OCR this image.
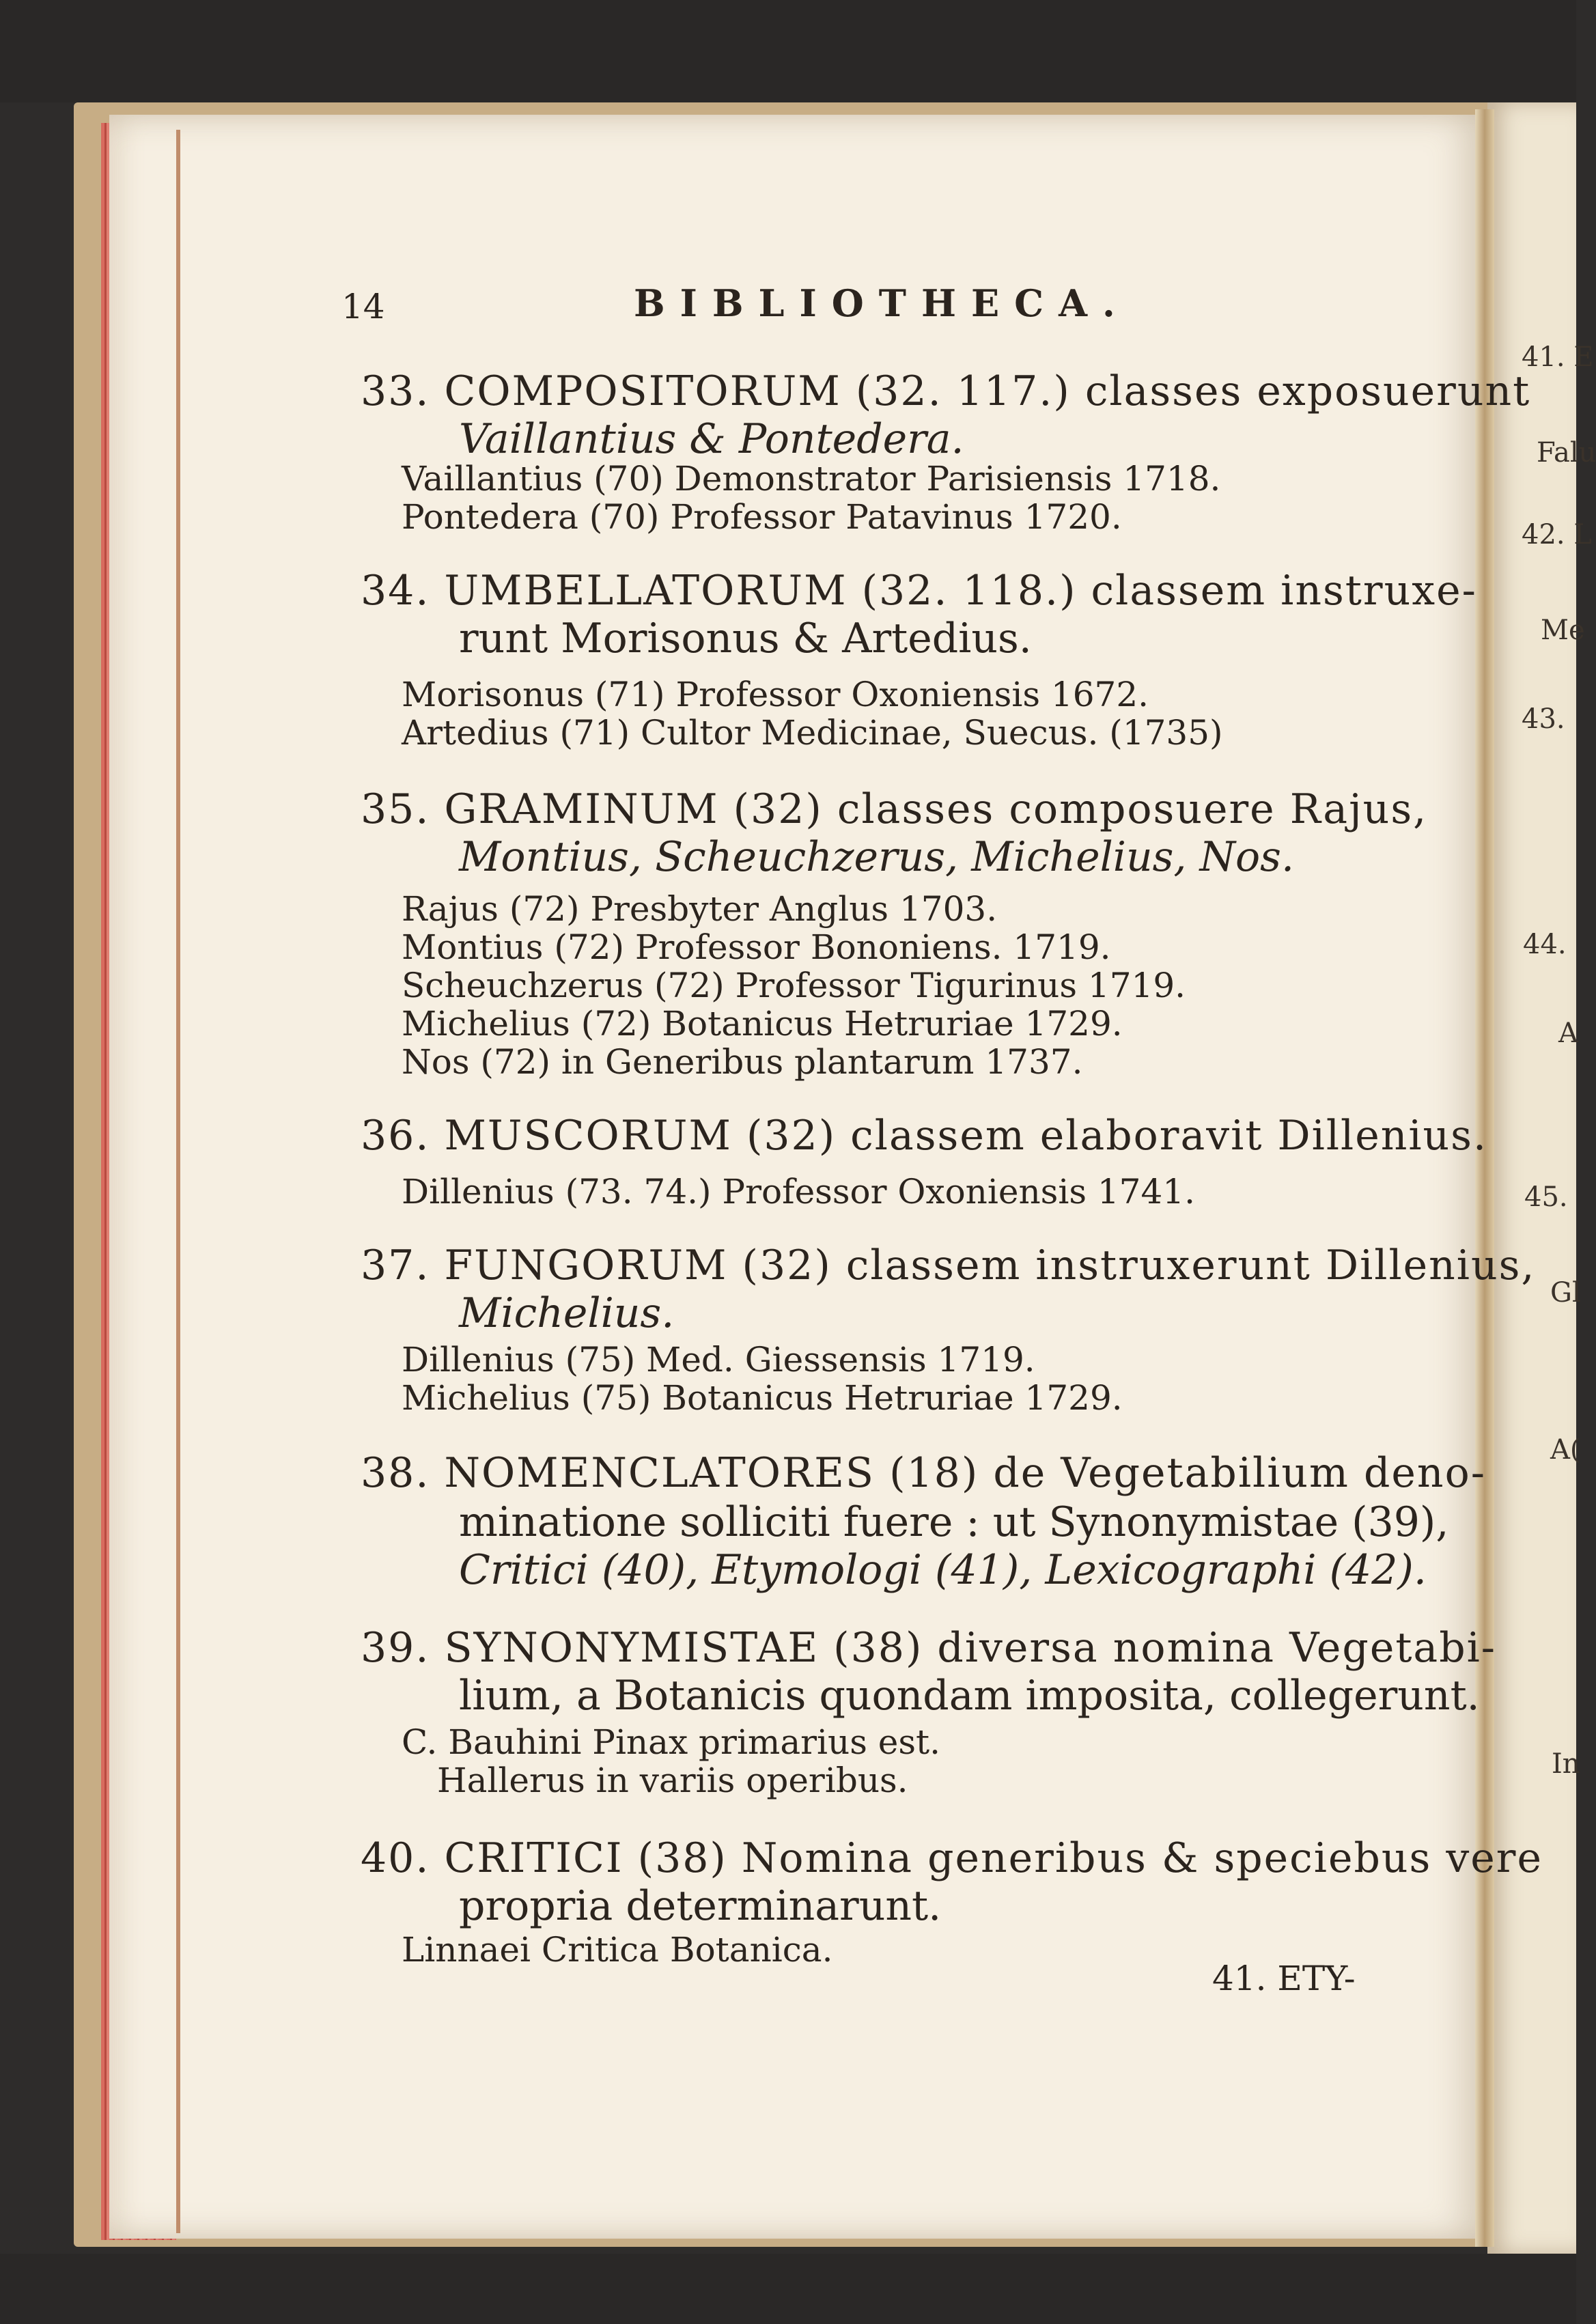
14	BIBLIOTHECA.
33. COMPOSITORUM (32. 117.) classes exposuerunt
Vaillantius & Pontedera.
Vaillantius (70) Demonstrator Parisiensis 1718.
Pontedera (70) Professor Patavinus 1720.
34. UMBELLATORUM (32. 118.) classem instruxe-
runt Morisonus & Artedius.
Morisonus (71) Professor Oxoniensis 1672.
Artedius (71) Cultor Medicinae, Suecus. (1735)
35. GRAMINUM (32) classes composuere Rajus,
Montius, Scheuchzerus, Michelius, Nos.
Rajus (72) Presbyter Anglus 1703.
Montius (72) Professor Bononiens. 1719.
Scheuchzerus (72) Professor Tigurinus 1719.
Michelius (72) Botanicus Hetruriae 1729.
Nos (72) in Generibus plantarum 1737.
36. MUSCORUM (32) classem elaboravit Dillenius.
Dillenius (73. 74.) Professor Oxoniensis 1741.
37. FUNGORUM (32) classem instruxerunt Dillenius,
Michelius.
Dillenius (75) Med. Giessensis 1719.
Michelius (75) Botanicus Hetruriae 1729.
38. NOMENCLATORES (18) de Vegetabilium deno-
minatione solliciti fuere : ut Synonymistae (39),
Critici (40), Etymologi (41), Lexicographi (42).
39. SYNONYMISTAE (38) diversa nomina Vegetabi-
lium, a Botanicis quondam imposita, collegerunt.
C. Bauhini Pinax primarius est.
Hallerus in variis operibus.
40. CRITICI (38) Nomina generibus & speciebus vere
propria determinarunt.
Linnaei Critica Botanica.
41. ETY-
41. E
Falu
42. L
Me
43.
44.
A
45.
Gl
A(
In
